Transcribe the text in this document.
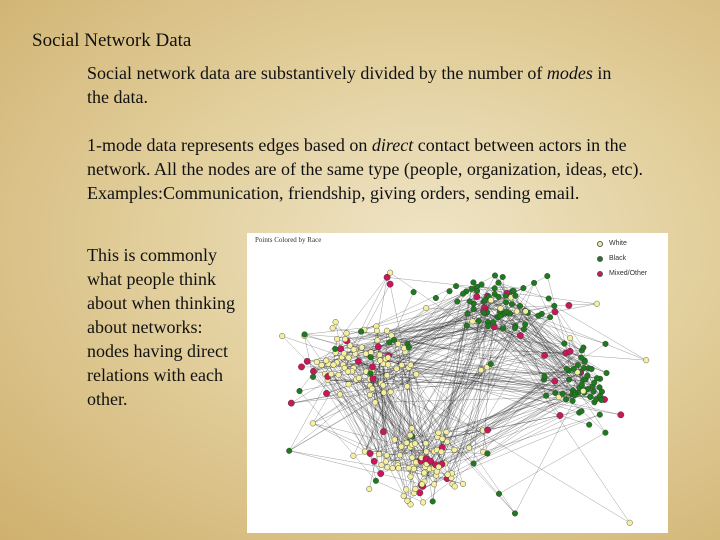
Social Network Data
Social network data are substantively divided by the number of modes in the data.
1-mode data represents edges based on direct contact between actors in the network. All the nodes are of the same type (people, organization, ideas, etc). Examples:Communication, friendship, giving orders, sending email.
This is commonly what people think about when thinking about networks: nodes having direct relations with each other.
Points Colored by Race	White
Black
Mixed/Other
